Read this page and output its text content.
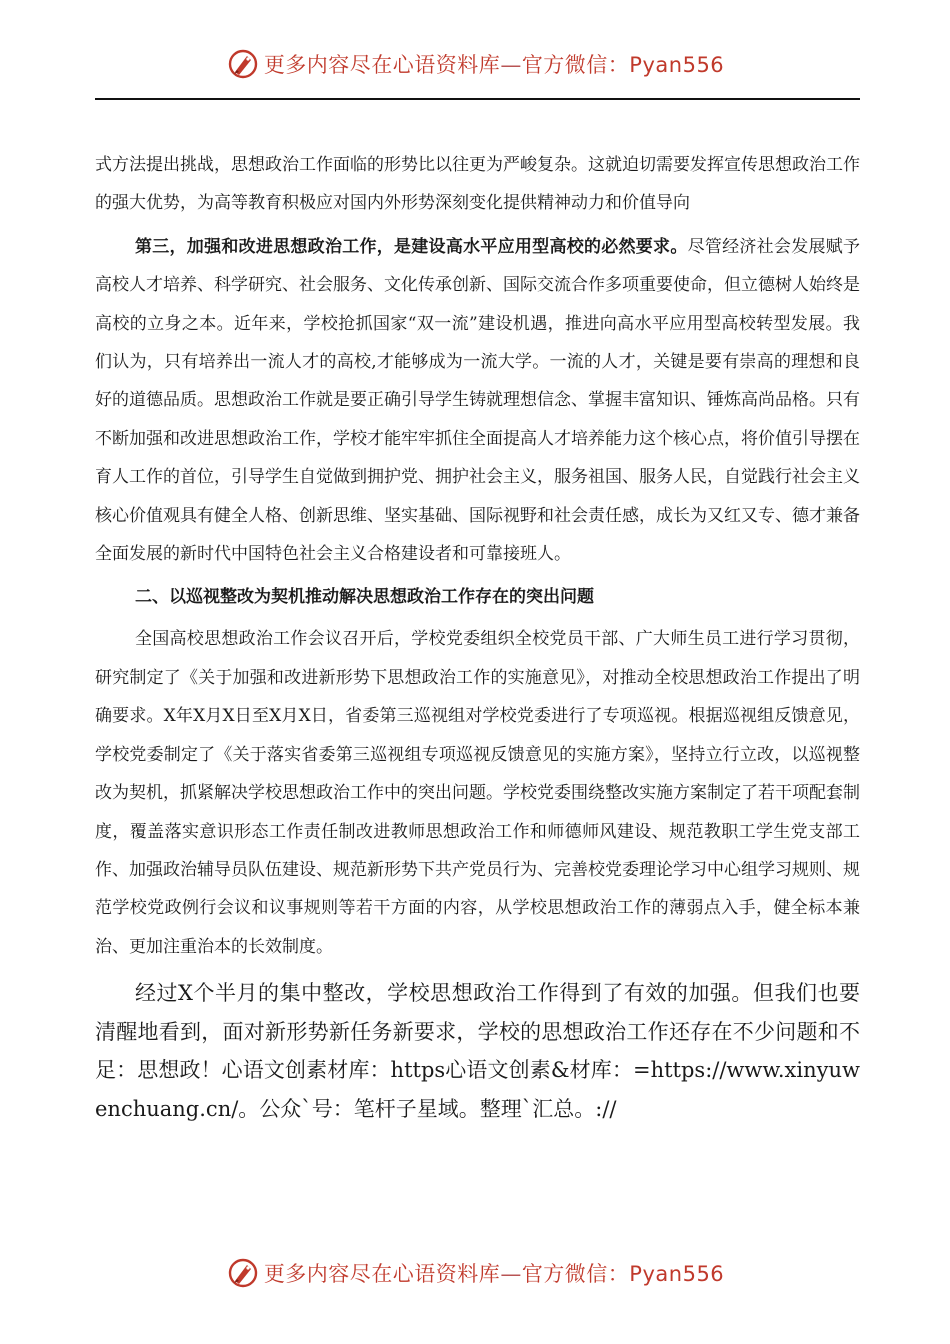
更多内容尽在心语资料库—官方微信：Pyan556

式方法提出挑战，思想政治工作面临的形势比以往更为严峻复杂。这就迫切需要发挥宣传思想政治工作的强大优势，为高等教育积极应对国内外形势深刻变化提供精神动力和价值导向

第三，加强和改进思想政治工作，是建设高水平应用型高校的必然要求。尽管经济社会发展赋予高校人才培养、科学研究、社会服务、文化传承创新、国际交流合作多项重要使命，但立德树人始终是高校的立身之本。近年来，学校抢抓国家“双一流”建设机遇，推进向高水平应用型高校转型发展。我们认为，只有培养出一流人才的高校,才能够成为一流大学。一流的人才，关键是要有崇高的理想和良好的道德品质。思想政治工作就是要正确引导学生铸就理想信念、掌握丰富知识、锤炼高尚品格。只有不断加强和改进思想政治工作，学校才能牢牢抓住全面提高人才培养能力这个核心点，将价值引导摆在育人工作的首位，引导学生自觉做到拥护党、拥护社会主义，服务祖国、服务人民，自觉践行社会主义核心价值观具有健全人格、创新思维、坚实基础、国际视野和社会责任感，成长为又红又专、德才兼备全面发展的新时代中国特色社会主义合格建设者和可靠接班人。

二、以巡视整改为契机推动解决思想政治工作存在的突出问题

全国高校思想政治工作会议召开后，学校党委组织全校党员干部、广大师生员工进行学习贯彻，研究制定了《关于加强和改进新形势下思想政治工作的实施意见》，对推动全校思想政治工作提出了明确要求。X年X月X日至X月X日，省委第三巡视组对学校党委进行了专项巡视。根据巡视组反馈意见，学校党委制定了《关于落实省委第三巡视组专项巡视反馈意见的实施方案》，坚持立行立改，以巡视整改为契机，抓紧解决学校思想政治工作中的突出问题。学校党委围绕整改实施方案制定了若干项配套制度，覆盖落实意识形态工作责任制改进教师思想政治工作和师德师风建设、规范教职工学生党支部工作、加强政治辅导员队伍建设、规范新形势下共产党员行为、完善校党委理论学习中心组学习规则、规范学校党政例行会议和议事规则等若干方面的内容，从学校思想政治工作的薄弱点入手，健全标本兼治、更加注重治本的长效制度。

经过X个半月的集中整改，学校思想政治工作得到了有效的加强。但我们也要清醒地看到，面对新形势新任务新要求，学校的思想政治工作还存在不少问题和不足：思想政！心语文创素材库：https心语文创素&材库：=https://www.xinyuwenchuang.cn/。公众`号：笔杆子星域。整理`汇总。://

更多内容尽在心语资料库—官方微信：Pyan556
